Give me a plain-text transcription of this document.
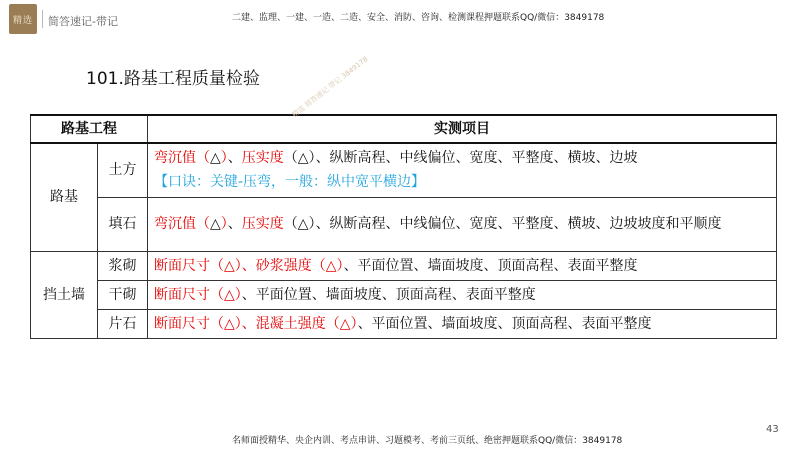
精选 简答速记-带记	二建、监理、一建、一造、二造、安全、消防、咨询、检测课程押题联系QQ/微信：3849178
101.路基工程质量检验
路基工程		实测项目
路基	土方	弯沉值（△）、压实度（△）、纵断高程、中线偏位、宽度、平整度、横坡、边坡
【口诀：关键-压弯，一般：纵中宽平横边】

	填石	弯沉值（△）、压实度（△）、纵断高程、中线偏位、宽度、平整度、横坡、边坡坡度和平顺度
挡土墙	浆砌	断面尺寸（△）、砂浆强度（△）、平面位置、墙面坡度、顶面高程、表面平整度
	干砌	断面尺寸（△）、平面位置、墙面坡度、顶面高程、表面平整度
	片石	断面尺寸（△）、混凝土强度（△）、平面位置、墙面坡度、顶面高程、表面平整度
精选 简答速记 带记 3849178
43
名师面授精华、央企内训、考点串讲、习题模考、考前三页纸、绝密押题联系QQ/微信：3849178
